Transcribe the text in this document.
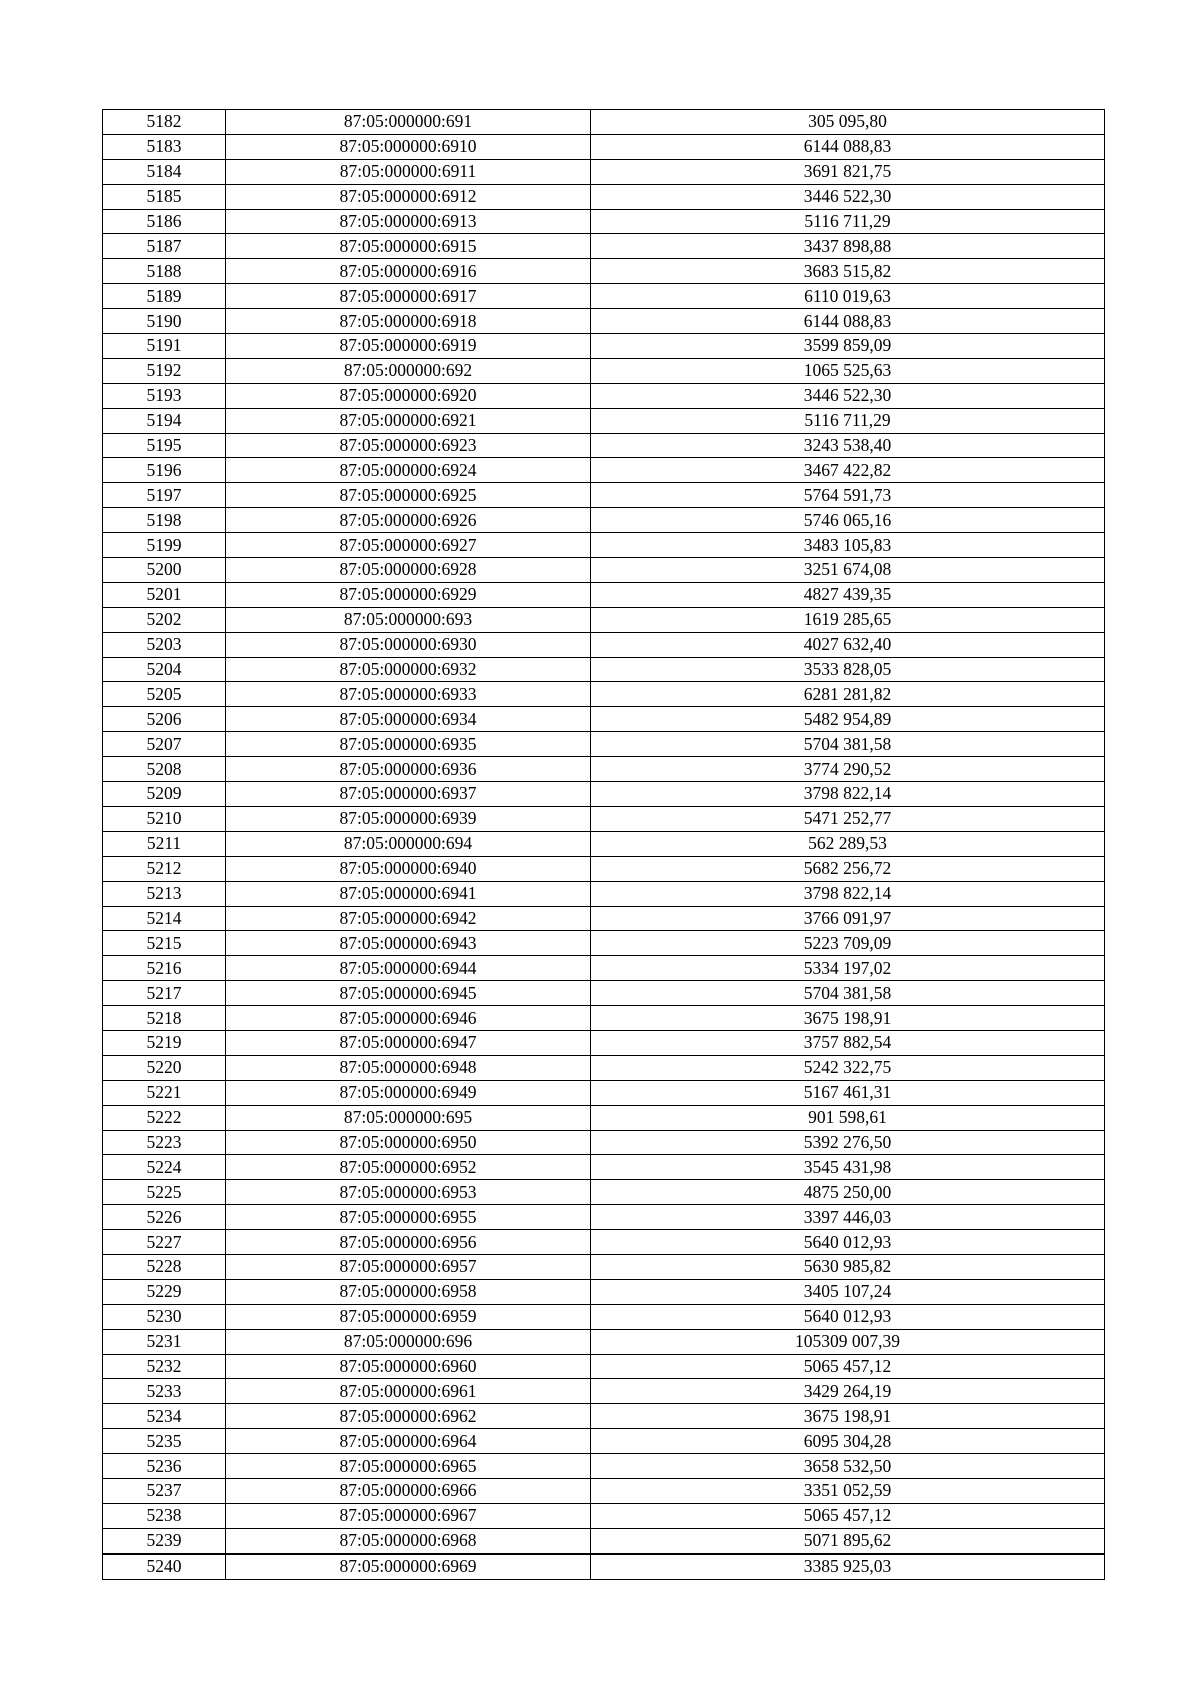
5182	87:05:000000:691	305 095,80
5183	87:05:000000:6910	6144 088,83
5184	87:05:000000:6911	3691 821,75
5185	87:05:000000:6912	3446 522,30
5186	87:05:000000:6913	5116 711,29
5187	87:05:000000:6915	3437 898,88
5188	87:05:000000:6916	3683 515,82
5189	87:05:000000:6917	6110 019,63
5190	87:05:000000:6918	6144 088,83
5191	87:05:000000:6919	3599 859,09
5192	87:05:000000:692	1065 525,63
5193	87:05:000000:6920	3446 522,30
5194	87:05:000000:6921	5116 711,29
5195	87:05:000000:6923	3243 538,40
5196	87:05:000000:6924	3467 422,82
5197	87:05:000000:6925	5764 591,73
5198	87:05:000000:6926	5746 065,16
5199	87:05:000000:6927	3483 105,83
5200	87:05:000000:6928	3251 674,08
5201	87:05:000000:6929	4827 439,35
5202	87:05:000000:693	1619 285,65
5203	87:05:000000:6930	4027 632,40
5204	87:05:000000:6932	3533 828,05
5205	87:05:000000:6933	6281 281,82
5206	87:05:000000:6934	5482 954,89
5207	87:05:000000:6935	5704 381,58
5208	87:05:000000:6936	3774 290,52
5209	87:05:000000:6937	3798 822,14
5210	87:05:000000:6939	5471 252,77
5211	87:05:000000:694	562 289,53
5212	87:05:000000:6940	5682 256,72
5213	87:05:000000:6941	3798 822,14
5214	87:05:000000:6942	3766 091,97
5215	87:05:000000:6943	5223 709,09
5216	87:05:000000:6944	5334 197,02
5217	87:05:000000:6945	5704 381,58
5218	87:05:000000:6946	3675 198,91
5219	87:05:000000:6947	3757 882,54
5220	87:05:000000:6948	5242 322,75
5221	87:05:000000:6949	5167 461,31
5222	87:05:000000:695	901 598,61
5223	87:05:000000:6950	5392 276,50
5224	87:05:000000:6952	3545 431,98
5225	87:05:000000:6953	4875 250,00
5226	87:05:000000:6955	3397 446,03
5227	87:05:000000:6956	5640 012,93
5228	87:05:000000:6957	5630 985,82
5229	87:05:000000:6958	3405 107,24
5230	87:05:000000:6959	5640 012,93
5231	87:05:000000:696	105309 007,39
5232	87:05:000000:6960	5065 457,12
5233	87:05:000000:6961	3429 264,19
5234	87:05:000000:6962	3675 198,91
5235	87:05:000000:6964	6095 304,28
5236	87:05:000000:6965	3658 532,50
5237	87:05:000000:6966	3351 052,59
5238	87:05:000000:6967	5065 457,12
5239	87:05:000000:6968	5071 895,62
5240	87:05:000000:6969	3385 925,03
